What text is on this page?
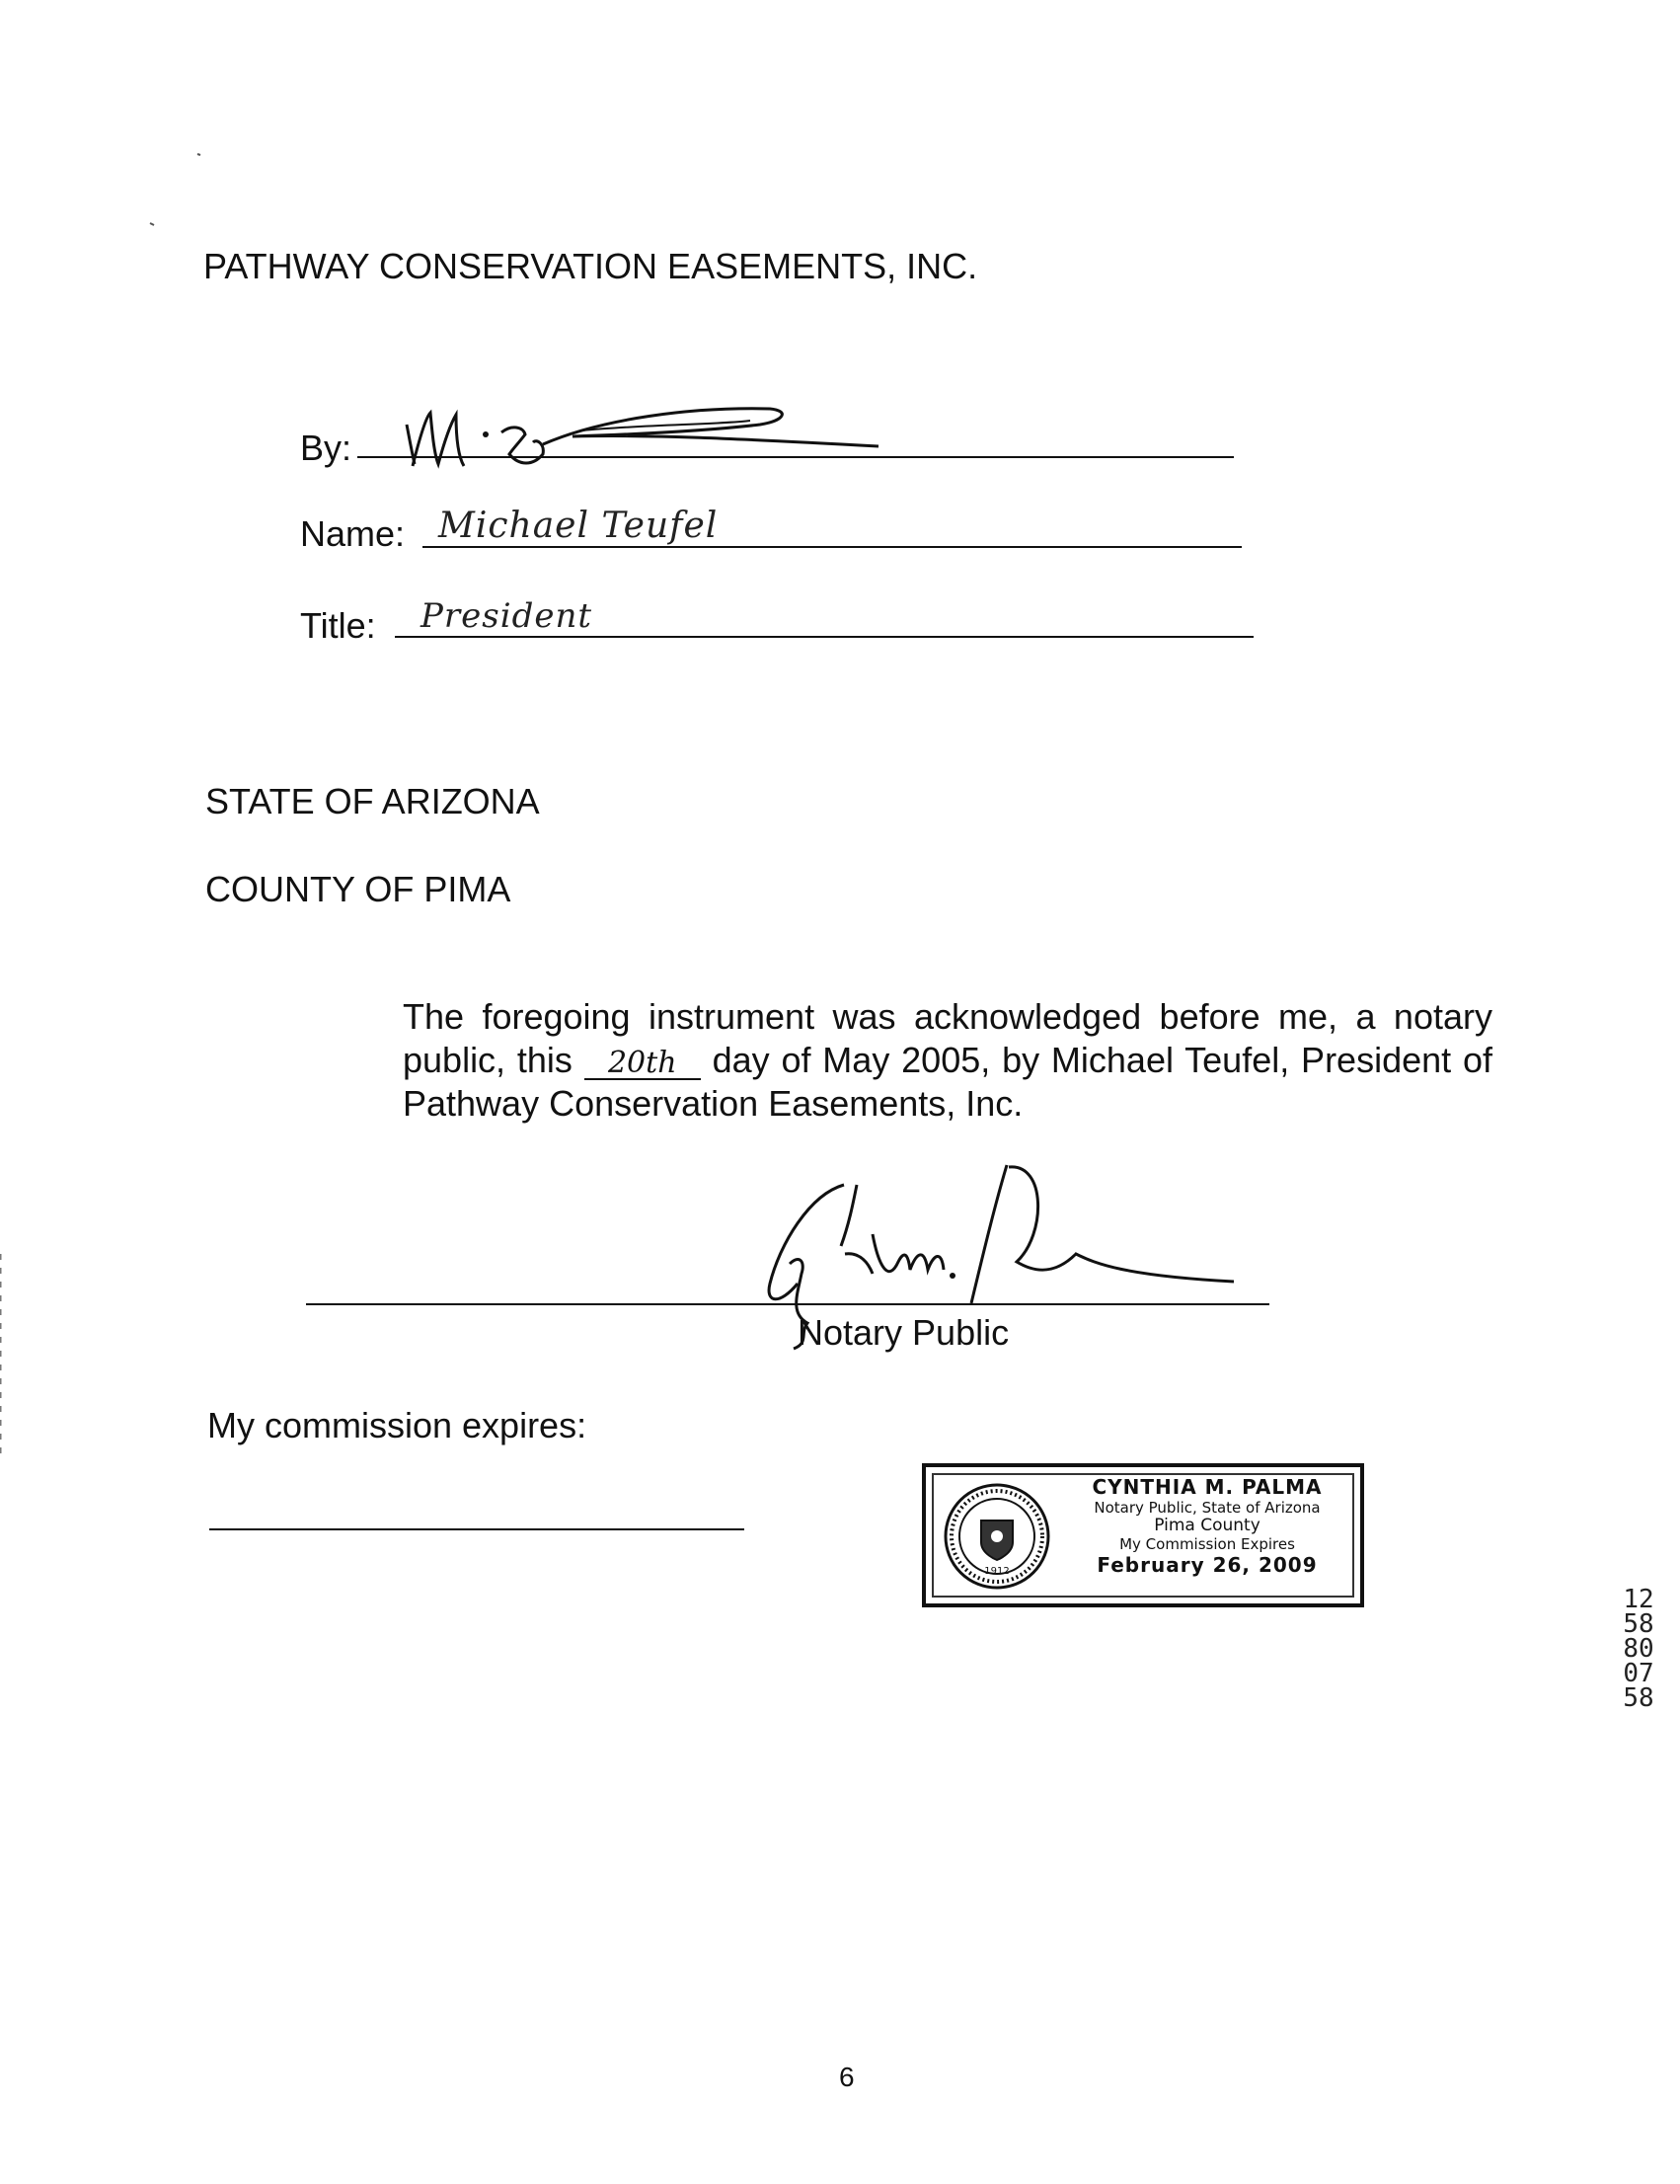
PATHWAY CONSERVATION EASEMENTS, INC.
By:
Name: Michael Teufel
Title: President
STATE OF ARIZONA
COUNTY OF PIMA

The foregoing instrument was acknowledged before me, a notary public, this 20th day of May 2005, by Michael Teufel, President of Pathway Conservation Easements, Inc.

Notary Public
My commission expires:
1912
CYNTHIA M. PALMA
Notary Public, State of Arizona
Pima County
My Commission Expires
February 26, 2009
1258800758
6
